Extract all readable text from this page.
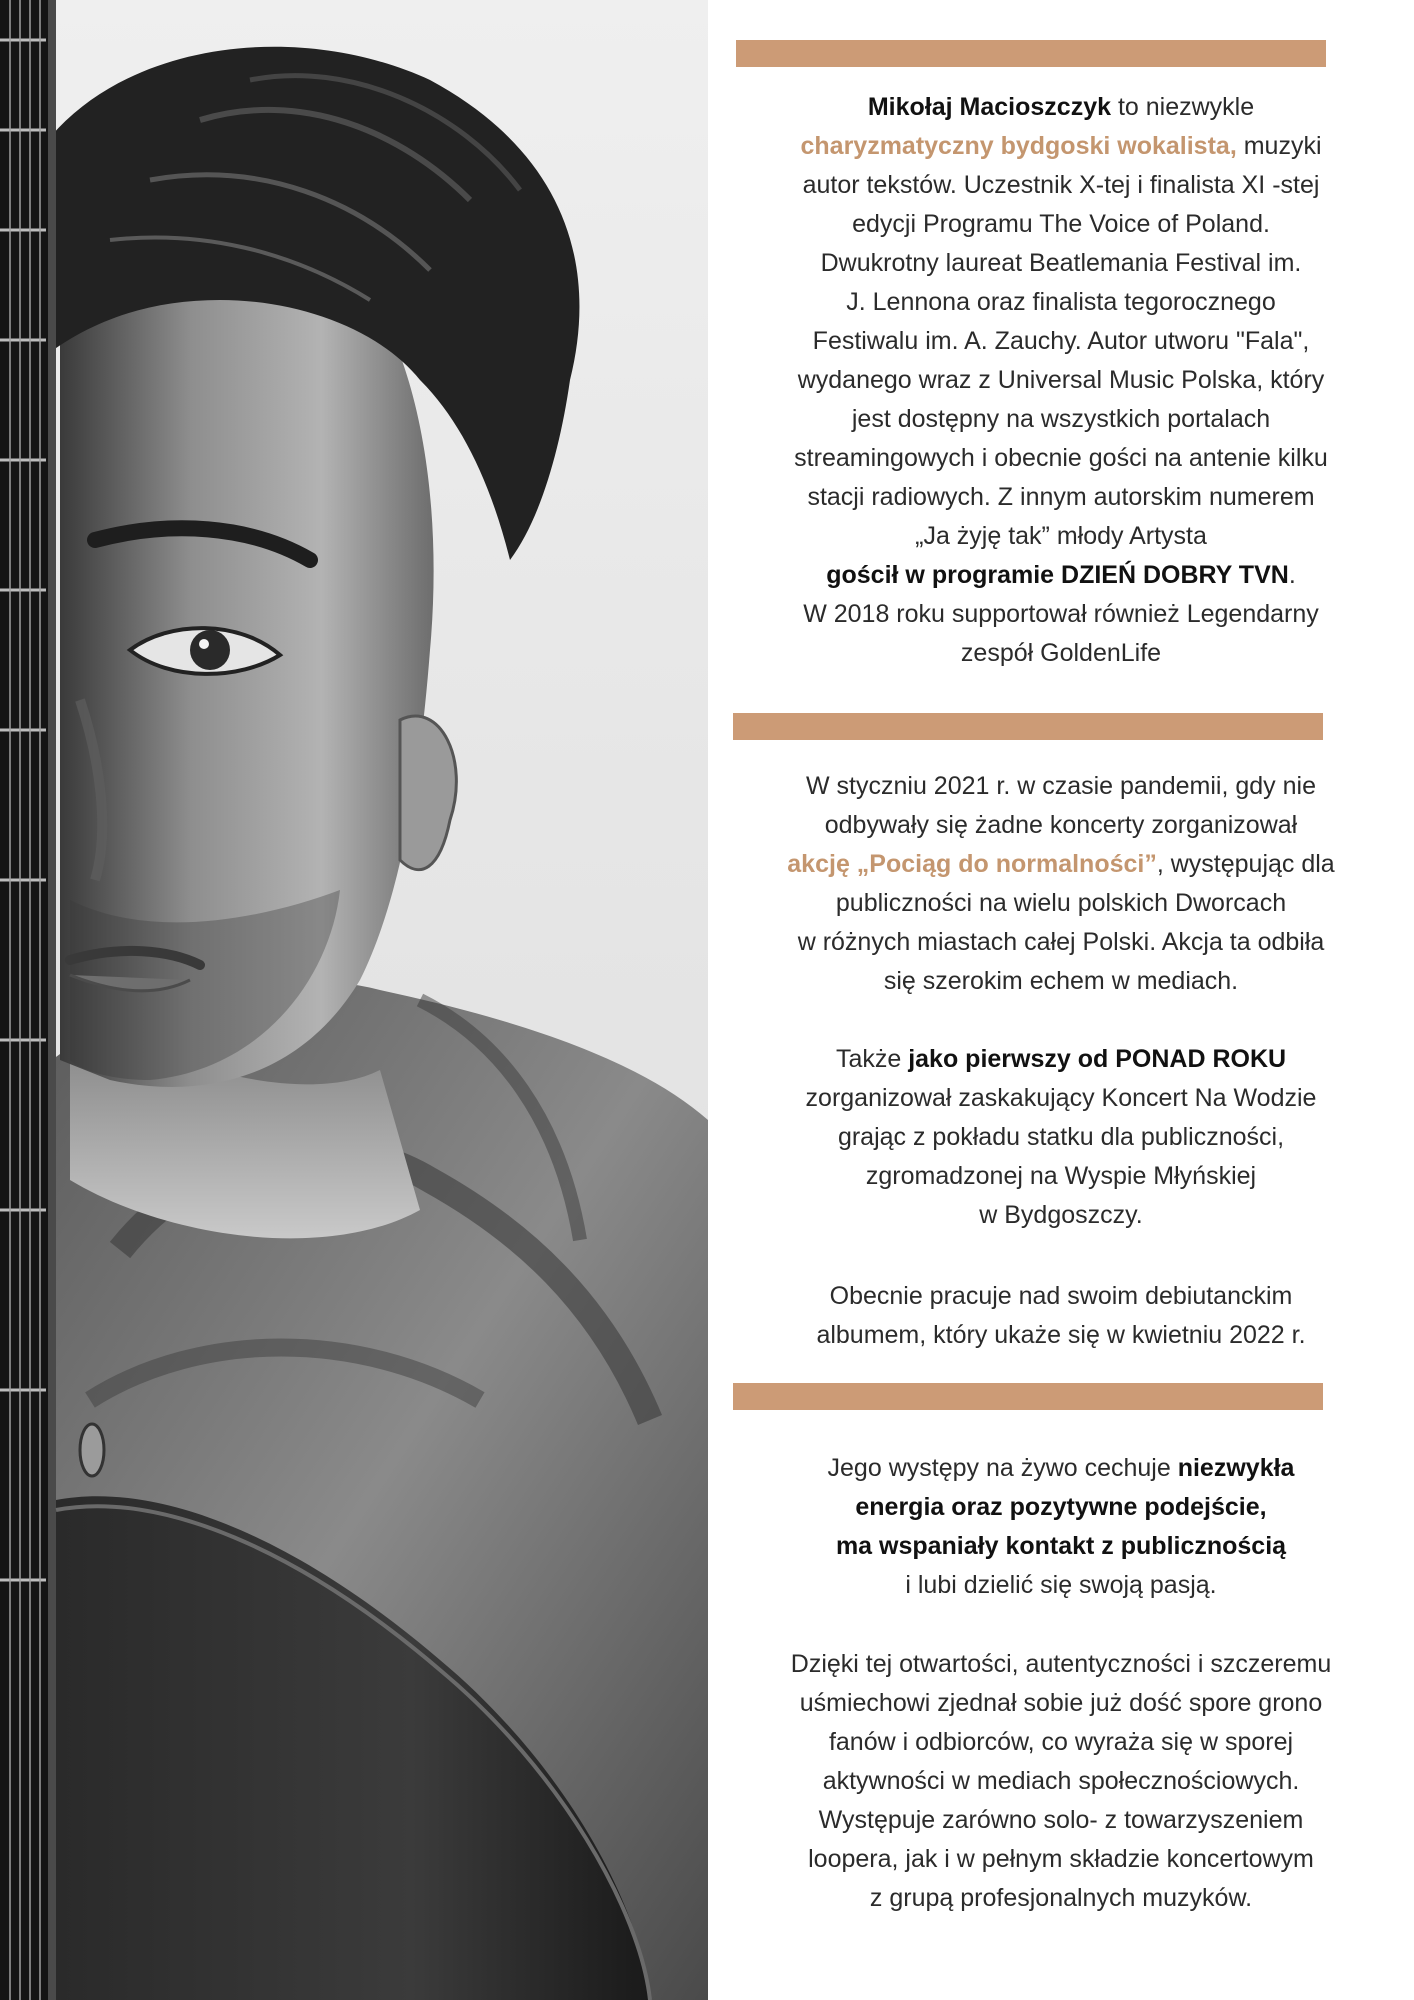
Mikołaj Macioszczyk to niezwykle
charyzmatyczny bydgoski wokalista, muzyki
autor tekstów. Uczestnik X-tej i finalista XI -stej
edycji Programu The Voice of Poland.
Dwukrotny laureat Beatlemania Festival im.
J. Lennona oraz finalista tegorocznego
Festiwalu im. A. Zauchy. Autor utworu "Fala",
wydanego wraz z Universal Music Polska, który
jest dostępny na wszystkich portalach
streamingowych i obecnie gości na antenie kilku
stacji radiowych. Z innym autorskim numerem
„Ja żyję tak” młody Artysta
gościł w programie DZIEŃ DOBRY TVN.
W 2018 roku supportował również Legendarny
zespół GoldenLife

W styczniu 2021 r. w czasie pandemii, gdy nie
odbywały się żadne koncerty zorganizował
akcję „Pociąg do normalności”, występując dla
publiczności na wielu polskich Dworcach
w różnych miastach całej Polski. Akcja ta odbiła
się szerokim echem w mediach.

Także jako pierwszy od PONAD ROKU
zorganizował zaskakujący Koncert Na Wodzie
grając z pokładu statku dla publiczności,
zgromadzonej na Wyspie Młyńskiej
w Bydgoszczy.

Obecnie pracuje nad swoim debiutanckim
albumem, który ukaże się w kwietniu 2022 r.

Jego występy na żywo cechuje niezwykła
energia oraz pozytywne podejście,
ma wspaniały kontakt z publicznością
i lubi dzielić się swoją pasją.

Dzięki tej otwartości, autentyczności i szczeremu
uśmiechowi zjednał sobie już dość spore grono
fanów i odbiorców, co wyraża się w sporej
aktywności w mediach społecznościowych.
Występuje zarówno solo- z towarzyszeniem
loopera, jak i w pełnym składzie koncertowym
z grupą profesjonalnych muzyków.
